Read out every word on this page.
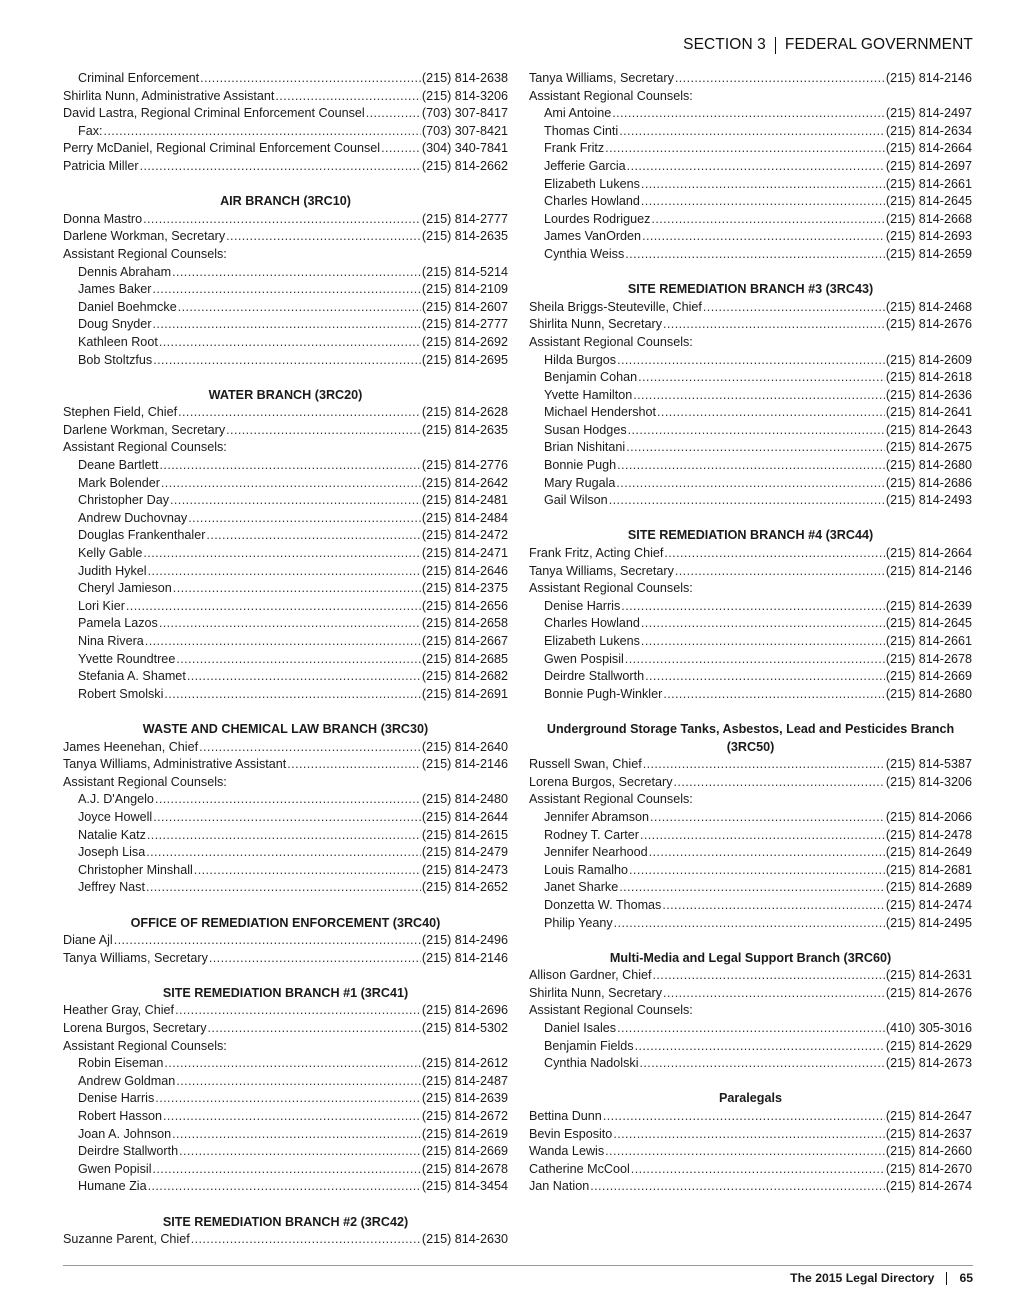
SECTION 3 FEDERAL GOVERNMENT
Criminal Enforcement .....	(215) 814-2638
Shirlita Nunn, Administrative Assistant .....	(215) 814-3206
David Lastra, Regional Criminal Enforcement Counsel .....	(703) 307-8417
Fax: .....	(703) 307-8421
Perry McDaniel, Regional Criminal Enforcement Counsel .....	(304) 340-7841
Patricia Miller .....	(215) 814-2662
AIR BRANCH (3RC10)
Donna Mastro .....	(215) 814-2777
Darlene Workman, Secretary .....	(215) 814-2635
Assistant Regional Counsels:
Dennis Abraham .....	(215) 814-5214
James Baker .....	(215) 814-2109
Daniel Boehmcke .....	(215) 814-2607
Doug Snyder .....	(215) 814-2777
Kathleen Root .....	(215) 814-2692
Bob Stoltzfus .....	(215) 814-2695
WATER BRANCH (3RC20)
Stephen Field, Chief .....	(215) 814-2628
Darlene Workman, Secretary .....	(215) 814-2635
Assistant Regional Counsels:
Deane Bartlett .....	(215) 814-2776
Mark Bolender .....	(215) 814-2642
Christopher Day .....	(215) 814-2481
Andrew Duchovnay .....	(215) 814-2484
Douglas Frankenthaler .....	(215) 814-2472
Kelly Gable .....	(215) 814-2471
Judith Hykel .....	(215) 814-2646
Cheryl Jamieson .....	(215) 814-2375
Lori Kier .....	(215) 814-2656
Pamela Lazos .....	(215) 814-2658
Nina Rivera .....	(215) 814-2667
Yvette Roundtree .....	(215) 814-2685
Stefania A. Shamet .....	(215) 814-2682
Robert Smolski .....	(215) 814-2691
WASTE AND CHEMICAL LAW BRANCH (3RC30)
James Heenehan, Chief .....	(215) 814-2640
Tanya Williams, Administrative Assistant .....	(215) 814-2146
Assistant Regional Counsels:
A.J. D'Angelo .....	(215) 814-2480
Joyce Howell .....	(215) 814-2644
Natalie Katz .....	(215) 814-2615
Joseph Lisa .....	(215) 814-2479
Christopher Minshall .....	(215) 814-2473
Jeffrey Nast .....	(215) 814-2652
OFFICE OF REMEDIATION ENFORCEMENT (3RC40)
Diane Ajl .....	(215) 814-2496
Tanya Williams, Secretary .....	(215) 814-2146
SITE REMEDIATION BRANCH #1 (3RC41)
Heather Gray, Chief .....	(215) 814-2696
Lorena Burgos, Secretary .....	(215) 814-5302
Assistant Regional Counsels:
Robin Eiseman .....	(215) 814-2612
Andrew Goldman .....	(215) 814-2487
Denise Harris .....	(215) 814-2639
Robert Hasson .....	(215) 814-2672
Joan A. Johnson .....	(215) 814-2619
Deirdre Stallworth .....	(215) 814-2669
Gwen Popisil .....	(215) 814-2678
Humane Zia .....	(215) 814-3454
SITE REMEDIATION BRANCH #2 (3RC42)
Suzanne Parent, Chief .....	(215) 814-2630
Tanya Williams, Secretary .....	(215) 814-2146
Assistant Regional Counsels:
Ami Antoine .....	(215) 814-2497
Thomas Cinti .....	(215) 814-2634
Frank Fritz .....	(215) 814-2664
Jefferie Garcia .....	(215) 814-2697
Elizabeth Lukens .....	(215) 814-2661
Charles Howland .....	(215) 814-2645
Lourdes Rodriguez .....	(215) 814-2668
James VanOrden .....	(215) 814-2693
Cynthia Weiss .....	(215) 814-2659
SITE REMEDIATION BRANCH #3 (3RC43)
Sheila Briggs-Steuteville, Chief .....	(215) 814-2468
Shirlita Nunn, Secretary .....	(215) 814-2676
Assistant Regional Counsels:
Hilda Burgos .....	(215) 814-2609
Benjamin Cohan .....	(215) 814-2618
Yvette Hamilton .....	(215) 814-2636
Michael Hendershot .....	(215) 814-2641
Susan Hodges .....	(215) 814-2643
Brian Nishitani .....	(215) 814-2675
Bonnie Pugh .....	(215) 814-2680
Mary Rugala .....	(215) 814-2686
Gail Wilson .....	(215) 814-2493
SITE REMEDIATION BRANCH #4 (3RC44)
Frank Fritz, Acting Chief .....	(215) 814-2664
Tanya Williams, Secretary .....	(215) 814-2146
Assistant Regional Counsels:
Denise Harris .....	(215) 814-2639
Charles Howland .....	(215) 814-2645
Elizabeth Lukens .....	(215) 814-2661
Gwen Pospisil .....	(215) 814-2678
Deirdre Stallworth .....	(215) 814-2669
Bonnie Pugh-Winkler .....	(215) 814-2680
Underground Storage Tanks, Asbestos, Lead and Pesticides Branch
(3RC50)
Russell Swan, Chief .....	(215) 814-5387
Lorena Burgos, Secretary .....	(215) 814-3206
Assistant Regional Counsels:
Jennifer Abramson .....	(215) 814-2066
Rodney T. Carter .....	(215) 814-2478
Jennifer Nearhood .....	(215) 814-2649
Louis Ramalho .....	(215) 814-2681
Janet Sharke .....	(215) 814-2689
Donzetta W. Thomas .....	(215) 814-2474
Philip Yeany .....	(215) 814-2495
Multi-Media and Legal Support Branch (3RC60)
Allison Gardner, Chief .....	(215) 814-2631
Shirlita Nunn, Secretary .....	(215) 814-2676
Assistant Regional Counsels:
Daniel Isales .....	(410) 305-3016
Benjamin Fields .....	(215) 814-2629
Cynthia Nadolski .....	(215) 814-2673
Paralegals
Bettina Dunn .....	(215) 814-2647
Bevin Esposito .....	(215) 814-2637
Wanda Lewis .....	(215) 814-2660
Catherine McCool .....	(215) 814-2670
Jan Nation .....	(215) 814-2674
The 2015 Legal Directory 65
